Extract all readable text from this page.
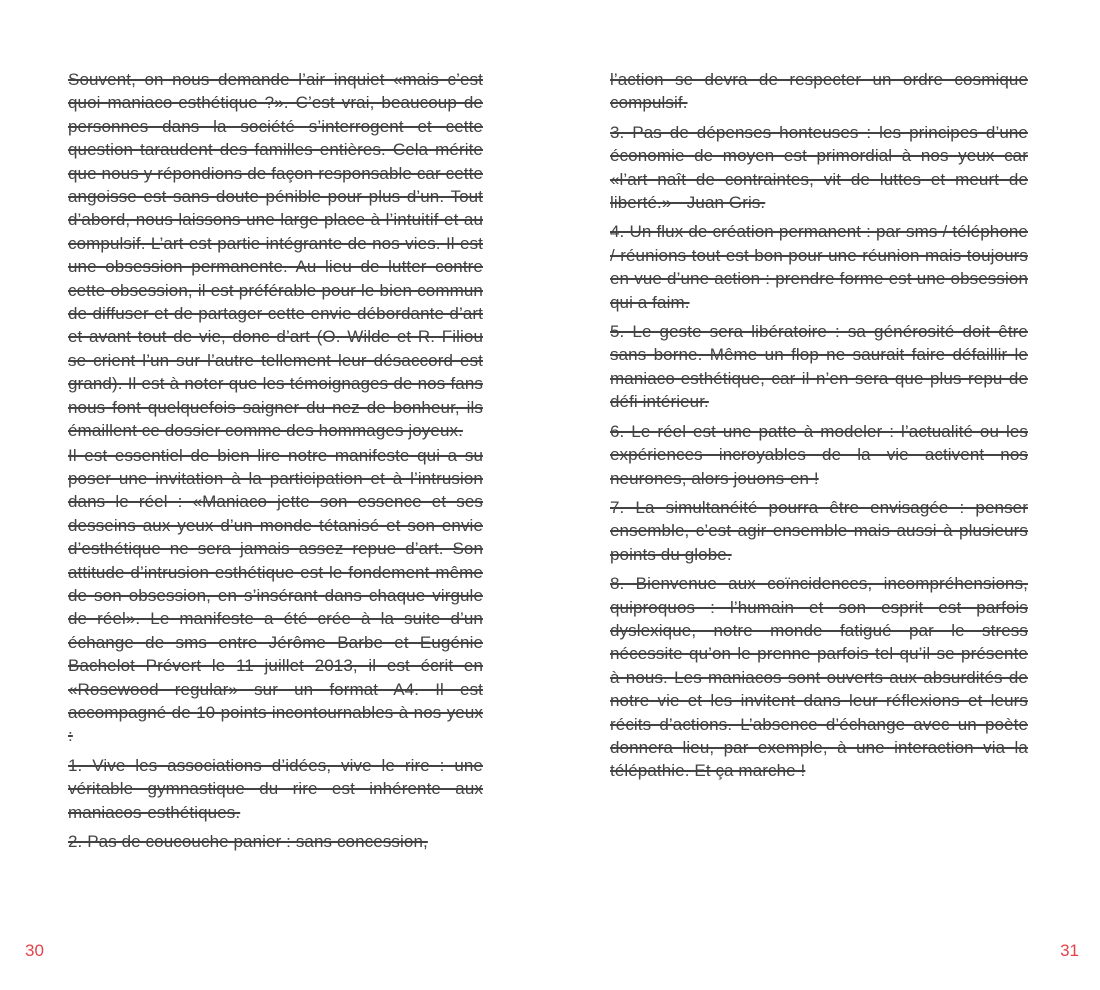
Souvent, on nous demande l’air inquiet «mais c’est quoi maniaco-esthétique ?». C’est vrai, beaucoup de personnes dans la société s’interrogent et cette question taraudent des familles entières. Cela mérite que nous y répondions de façon responsable car cette angoisse est sans doute pénible pour plus d’un. Tout d’abord, nous laissons une large place à l’intuitif et au compulsif. L’art est partie intégrante de nos vies. Il est une obsession permanente. Au lieu de lutter contre cette obsession, il est préférable pour le bien commun de diffuser et de partager cette envie débordante d’art et avant tout de vie, donc d’art (O. Wilde et R. Filiou se crient l’un sur l’autre tellement leur désaccord est grand). Il est à noter que les témoignages de nos fans nous font quelquefois saigner du nez de bonheur, ils émaillent ce dossier comme des hommages joyeux.

Il est essentiel de bien lire notre manifeste qui a su poser une invitation à la participation et à l’intrusion dans le réel : «Maniaco jette son essence et ses desseins aux yeux d’un monde tétanisé et son envie d’esthétique ne sera jamais assez repue d’art. Son attitude d’intrusion esthétique est le fondement même de son obsession, en s’insérant dans chaque virgule de réel». Le manifeste a été crée à la suite d’un échange de sms entre Jérôme Barbe et Eugénie Bachelot Prévert le 11 juillet 2013, il est écrit en «Rosewood regular» sur un format A4. Il est accompagné de 10 points incontournables à nos yeux :

1. Vive les associations d’idées, vive le rire : une véritable gymnastique du rire est inhérente aux maniacos-esthétiques.

2. Pas de coucouche panier : sans concession,

l’action se devra de respecter un ordre cosmique compulsif.

3. Pas de dépenses honteuses : les principes d’une économie de moyen est primordial à nos yeux car «l’art naît de contraintes, vit de luttes et meurt de liberté.» - Juan Gris.

4. Un flux de création permanent : par sms / téléphone / réunions tout est bon pour une réunion mais toujours en vue d’une action : prendre forme est une obsession qui a faim.

5. Le geste sera libératoire : sa générosité doit être sans borne. Même un flop ne saurait faire défaillir le maniaco-esthétique, car il n’en sera que plus repu de défi intérieur.

6. Le réel est une patte à modeler : l’actualité ou les expériences incroyables de la vie activent nos neurones, alors jouons-en !

7. La simultanéité pourra être envisagée : penser ensemble, c’est agir ensemble mais aussi à plusieurs points du globe.

8. Bienvenue aux coïncidences, incompréhensions, quiproquos : l’humain et son esprit est parfois dyslexique, notre monde fatigué par le stress nécessite qu’on le prenne parfois tel qu’il se présente à nous. Les maniacos sont ouverts aux absurdités de notre vie et les invitent dans leur réflexions et leurs récits d’actions. L’absence d’échange avec un poète donnera lieu, par exemple, à une interaction via la télépathie. Et ça marche !

30	31
